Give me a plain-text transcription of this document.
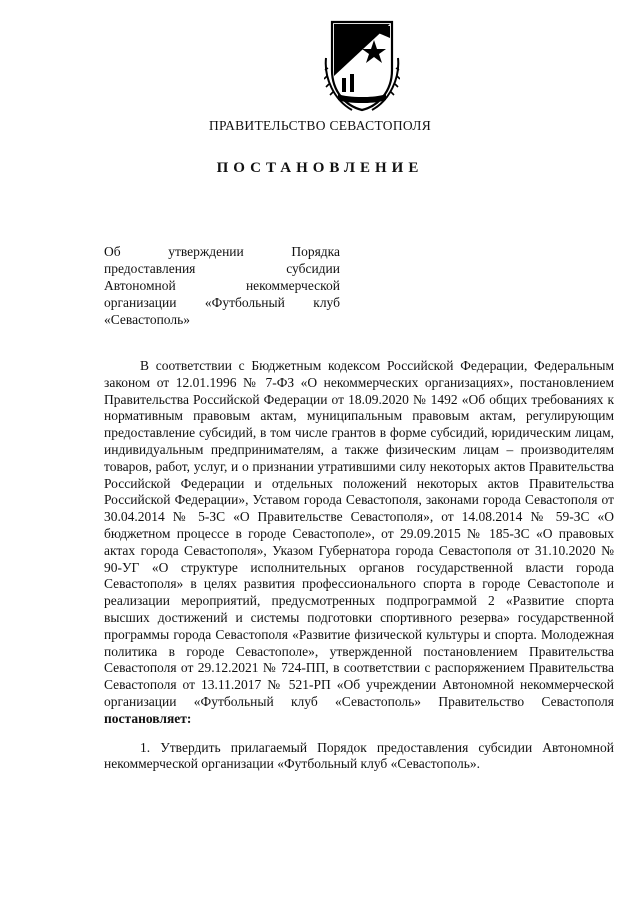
ПРАВИТЕЛЬСТВО СЕВАСТОПОЛЯ
ПОСТАНОВЛЕНИЕ
Об утверждении Порядка
предоставления субсидии
Автономной некоммерческой
организации «Футбольный клуб
«Севастополь»

В соответствии с Бюджетным кодексом Российской Федерации, Федеральным законом от 12.01.1996 № 7-ФЗ «О некоммерческих организациях», постановлением Правительства Российской Федерации от 18.09.2020 № 1492 «Об общих требованиях к нормативным правовым актам, муниципальным правовым актам, регулирующим предоставление субсидий, в том числе грантов в форме субсидий, юридическим лицам, индивидуальным предпринимателям, а также физическим лицам – производителям товаров, работ, услуг, и о признании утратившими силу некоторых актов Правительства Российской Федерации и отдельных положений некоторых актов Правительства Российской Федерации», Уставом города Севастополя, законами города Севастополя от 30.04.2014 № 5-ЗС «О Правительстве Севастополя», от 14.08.2014 № 59-ЗС «О бюджетном процессе в городе Севастополе», от 29.09.2015 № 185-ЗС «О правовых актах города Севастополя», Указом Губернатора города Севастополя от 31.10.2020 № 90-УГ «О структуре исполнительных органов государственной власти города Севастополя» в целях развития профессионального спорта в городе Севастополе и реализации мероприятий, предусмотренных подпрограммой 2 «Развитие спорта высших достижений и системы подготовки спортивного резерва» государственной программы города Севастополя «Развитие физической культуры и спорта. Молодежная политика в городе Севастополе», утвержденной постановлением Правительства Севастополя от 29.12.2021 № 724-ПП, в соответствии с распоряжением Правительства Севастополя от 13.11.2017 № 521-РП «Об учреждении Автономной некоммерческой организации «Футбольный клуб «Севастополь» Правительство Севастополя постановляет:

1. Утвердить прилагаемый Порядок предоставления субсидии Автономной некоммерческой организации «Футбольный клуб «Севастополь».
